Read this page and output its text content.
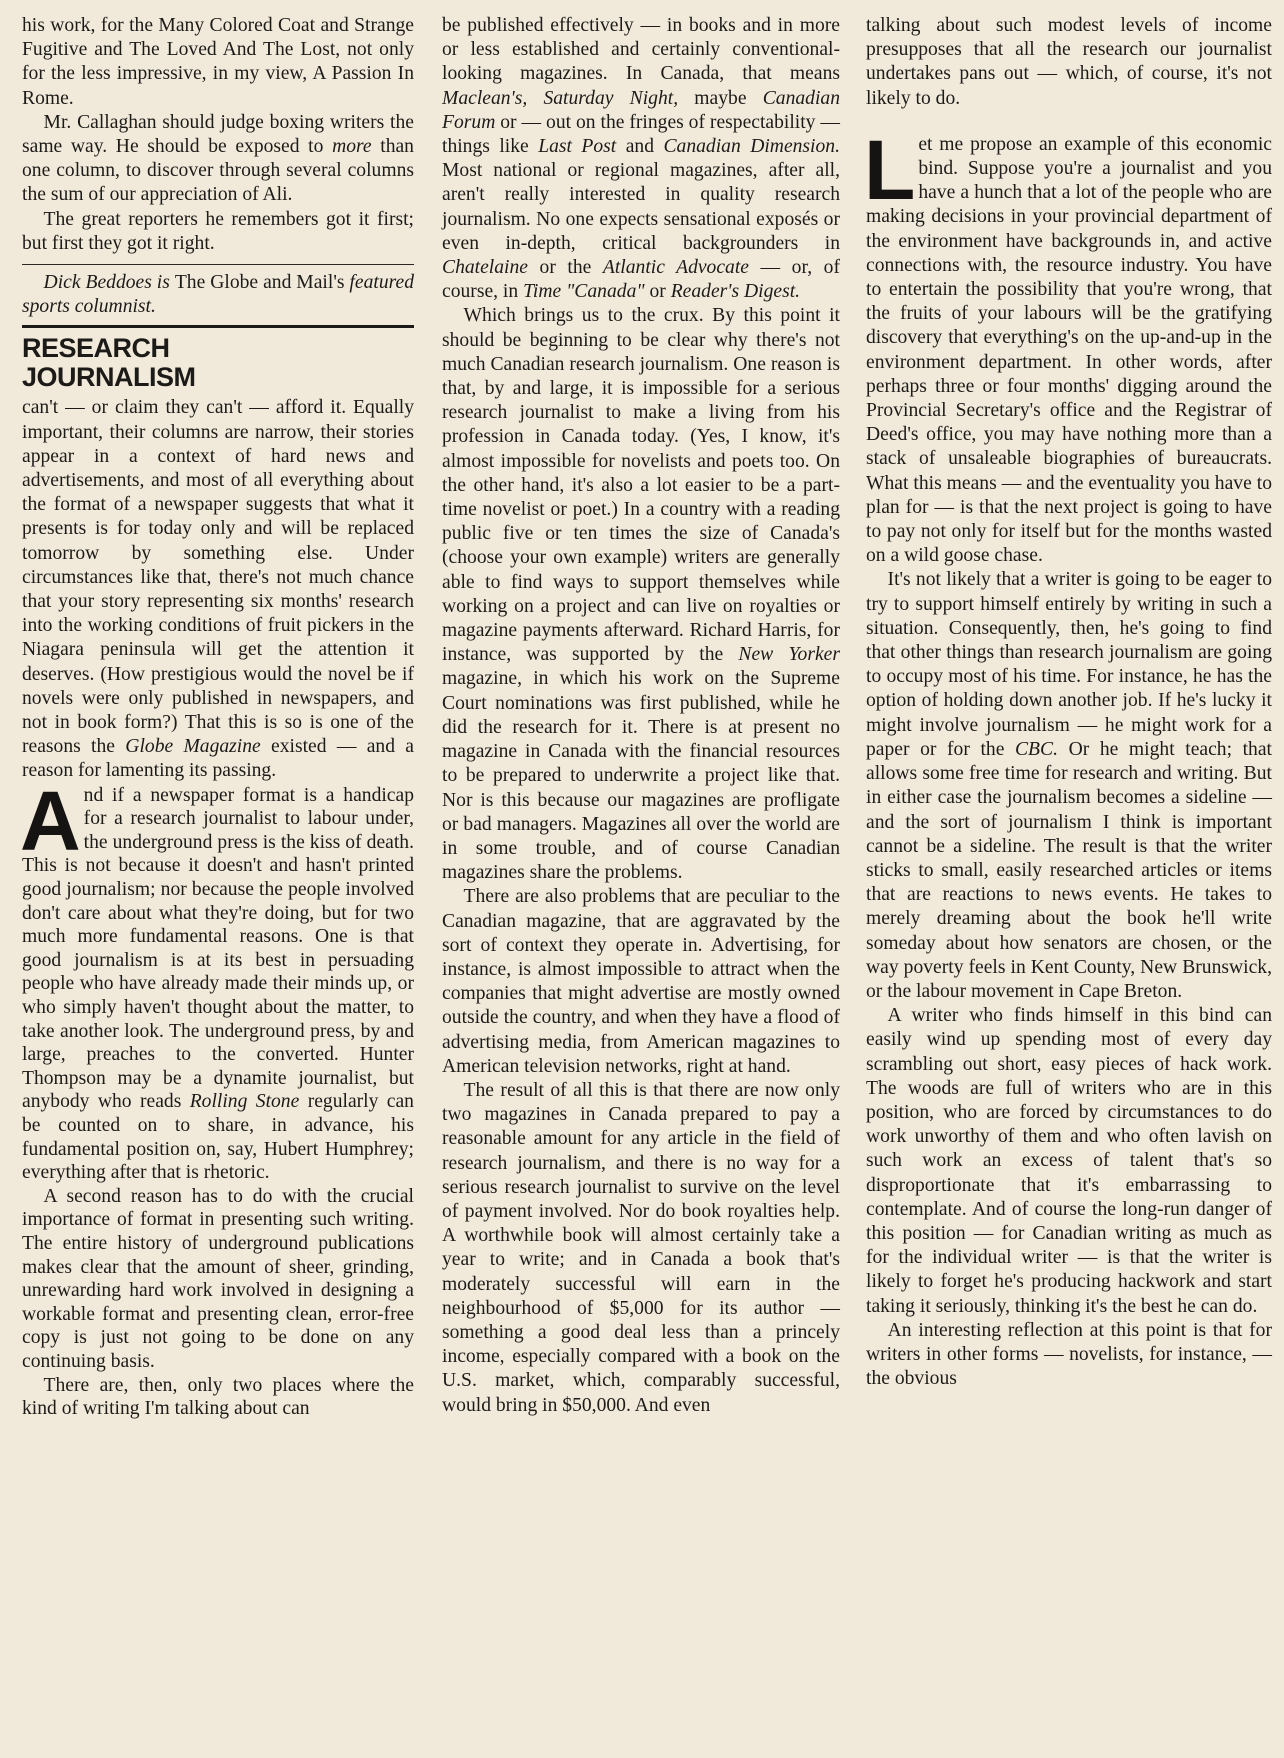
his work, for the Many Colored Coat and Strange Fugitive and The Loved And The Lost, not only for the less impressive, in my view, A Passion In Rome.

Mr. Callaghan should judge boxing writers the same way. He should be exposed to more than one column, to discover through several columns the sum of our appreciation of Ali.

The great reporters he remembers got it first; but first they got it right.

Dick Beddoes is The Globe and Mail's featured sports columnist.

RESEARCH
JOURNALISM

can't — or claim they can't — afford it. Equally important, their columns are narrow, their stories appear in a context of hard news and advertisements, and most of all everything about the format of a newspaper suggests that what it presents is for today only and will be replaced tomorrow by something else. Under circumstances like that, there's not much chance that your story representing six months' research into the working conditions of fruit pickers in the Niagara peninsula will get the attention it deserves. (How prestigious would the novel be if novels were only published in newspapers, and not in book form?) That this is so is one of the reasons the Globe Magazine existed — and a reason for lamenting its passing.

And if a newspaper format is a handicap for a research journalist to labour under, the underground press is the kiss of death. This is not because it doesn't and hasn't printed good journalism; nor because the people involved don't care about what they're doing, but for two much more fundamental reasons. One is that good journalism is at its best in persuading people who have already made their minds up, or who simply haven't thought about the matter, to take another look. The underground press, by and large, preaches to the converted. Hunter Thompson may be a dynamite journalist, but anybody who reads Rolling Stone regularly can be counted on to share, in advance, his fundamental position on, say, Hubert Humphrey; everything after that is rhetoric.

A second reason has to do with the crucial importance of format in presenting such writing. The entire history of underground publications makes clear that the amount of sheer, grinding, unrewarding hard work involved in designing a workable format and presenting clean, error-free copy is just not going to be done on any continuing basis.

There are, then, only two places where the kind of writing I'm talking about can

be published effectively — in books and in more or less established and certainly conventional-looking magazines. In Canada, that means Maclean's, Saturday Night, maybe Canadian Forum or — out on the fringes of respectability — things like Last Post and Canadian Dimension. Most national or regional magazines, after all, aren't really interested in quality research journalism. No one expects sensational exposés or even in-depth, critical backgrounders in Chatelaine or the Atlantic Advocate — or, of course, in Time "Canada" or Reader's Digest.

Which brings us to the crux. By this point it should be beginning to be clear why there's not much Canadian research journalism. One reason is that, by and large, it is impossible for a serious research journalist to make a living from his profession in Canada today. (Yes, I know, it's almost impossible for novelists and poets too. On the other hand, it's also a lot easier to be a part-time novelist or poet.) In a country with a reading public five or ten times the size of Canada's (choose your own example) writers are generally able to find ways to support themselves while working on a project and can live on royalties or magazine payments afterward. Richard Harris, for instance, was supported by the New Yorker magazine, in which his work on the Supreme Court nominations was first published, while he did the research for it. There is at present no magazine in Canada with the financial resources to be prepared to underwrite a project like that. Nor is this because our magazines are profligate or bad managers. Magazines all over the world are in some trouble, and of course Canadian magazines share the problems.

There are also problems that are peculiar to the Canadian magazine, that are aggravated by the sort of context they operate in. Advertising, for instance, is almost impossible to attract when the companies that might advertise are mostly owned outside the country, and when they have a flood of advertising media, from American magazines to American television networks, right at hand.

The result of all this is that there are now only two magazines in Canada prepared to pay a reasonable amount for any article in the field of research journalism, and there is no way for a serious research journalist to survive on the level of payment involved. Nor do book royalties help. A worthwhile book will almost certainly take a year to write; and in Canada a book that's moderately successful will earn in the neighbourhood of $5,000 for its author — something a good deal less than a princely income, especially compared with a book on the U.S. market, which, comparably successful, would bring in $50,000. And even

talking about such modest levels of income presupposes that all the research our journalist undertakes pans out — which, of course, it's not likely to do.

Let me propose an example of this economic bind. Suppose you're a journalist and you have a hunch that a lot of the people who are making decisions in your provincial department of the environment have backgrounds in, and active connections with, the resource industry. You have to entertain the possibility that you're wrong, that the fruits of your labours will be the gratifying discovery that everything's on the up-and-up in the environment department. In other words, after perhaps three or four months' digging around the Provincial Secretary's office and the Registrar of Deed's office, you may have nothing more than a stack of unsaleable biographies of bureaucrats. What this means — and the eventuality you have to plan for — is that the next project is going to have to pay not only for itself but for the months wasted on a wild goose chase.

It's not likely that a writer is going to be eager to try to support himself entirely by writing in such a situation. Consequently, then, he's going to find that other things than research journalism are going to occupy most of his time. For instance, he has the option of holding down another job. If he's lucky it might involve journalism — he might work for a paper or for the CBC. Or he might teach; that allows some free time for research and writing. But in either case the journalism becomes a sideline — and the sort of journalism I think is important cannot be a sideline. The result is that the writer sticks to small, easily researched articles or items that are reactions to news events. He takes to merely dreaming about the book he'll write someday about how senators are chosen, or the way poverty feels in Kent County, New Brunswick, or the labour movement in Cape Breton.

A writer who finds himself in this bind can easily wind up spending most of every day scrambling out short, easy pieces of hack work. The woods are full of writers who are in this position, who are forced by circumstances to do work unworthy of them and who often lavish on such work an excess of talent that's so disproportionate that it's embarrassing to contemplate. And of course the long-run danger of this position — for Canadian writing as much as for the individual writer — is that the writer is likely to forget he's producing hackwork and start taking it seriously, thinking it's the best he can do.

An interesting reflection at this point is that for writers in other forms — novelists, for instance, — the obvious
